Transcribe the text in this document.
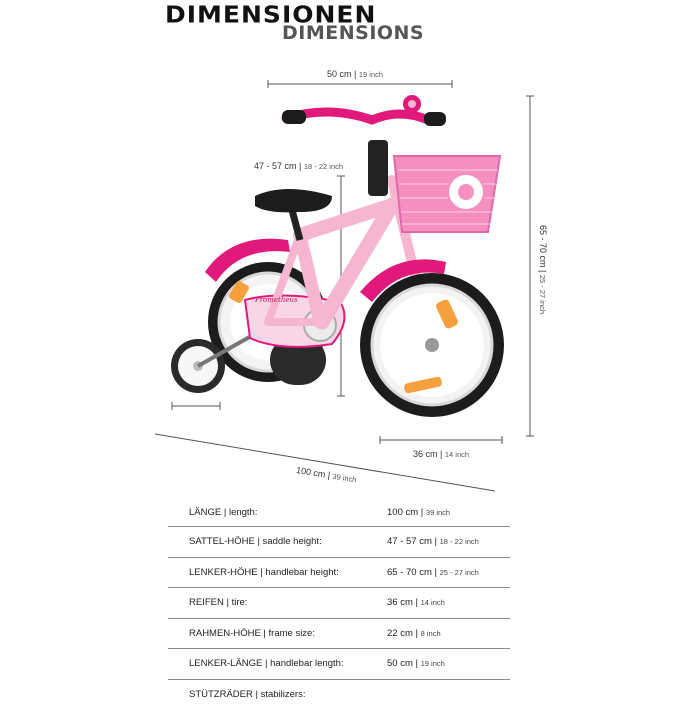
DIMENSIONEN
DIMENSIONS
Prometheus
50 cm | 19 inch
47 - 57 cm | 18 - 22 inch
65 - 70 cm | 25 - 27 inch
36 cm | 14 inch
100 cm | 39 inch
LÄNGE | length:	100 cm | 39 inch
SATTEL-HÖHE | saddle height:	47 - 57 cm | 18 - 22 inch
LENKER-HÖHE | handlebar height:	65 - 70 cm | 25 - 27 inch
REIFEN | tire:	36 cm | 14 inch
RAHMEN-HÖHE | frame size:	22 cm | 8 inch
LENKER-LÄNGE | handlebar length:	50 cm | 19 inch
STÜTZRÄDER | stabilizers:	
